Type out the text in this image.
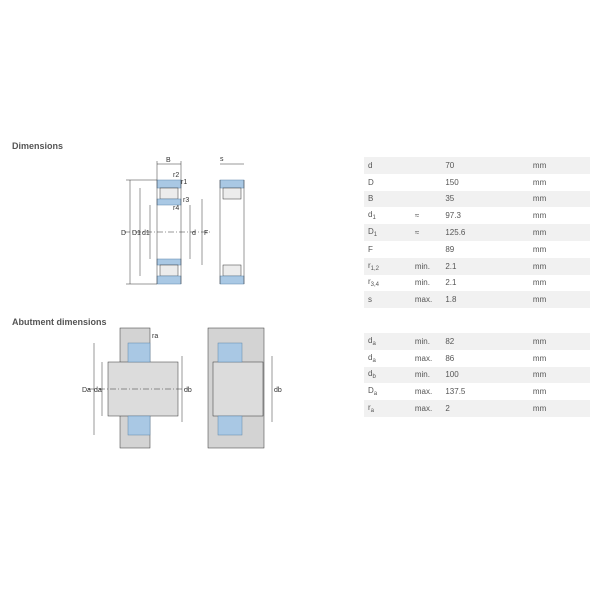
Dimensions
Abutment dimensions
d		70	mm
D		150	mm
B		35	mm
$d_1$	≈	97.3	mm
$D_1$	≈	125.6	mm
F		89	mm
$r_{1,2}$	min.	2.1	mm
$r_{3,4}$	min.	2.1	mm
s	max.	1.8	mm
$d_a$	min.	82	mm
$d_a$	max.	86	mm
$d_b$	min.	100	mm
$D_a$	max.	137.5	mm
$r_a$	max.	2	mm
B
r2
r1
r3
r4
D D1 d1	d F
s
Da da	db
ra
db
